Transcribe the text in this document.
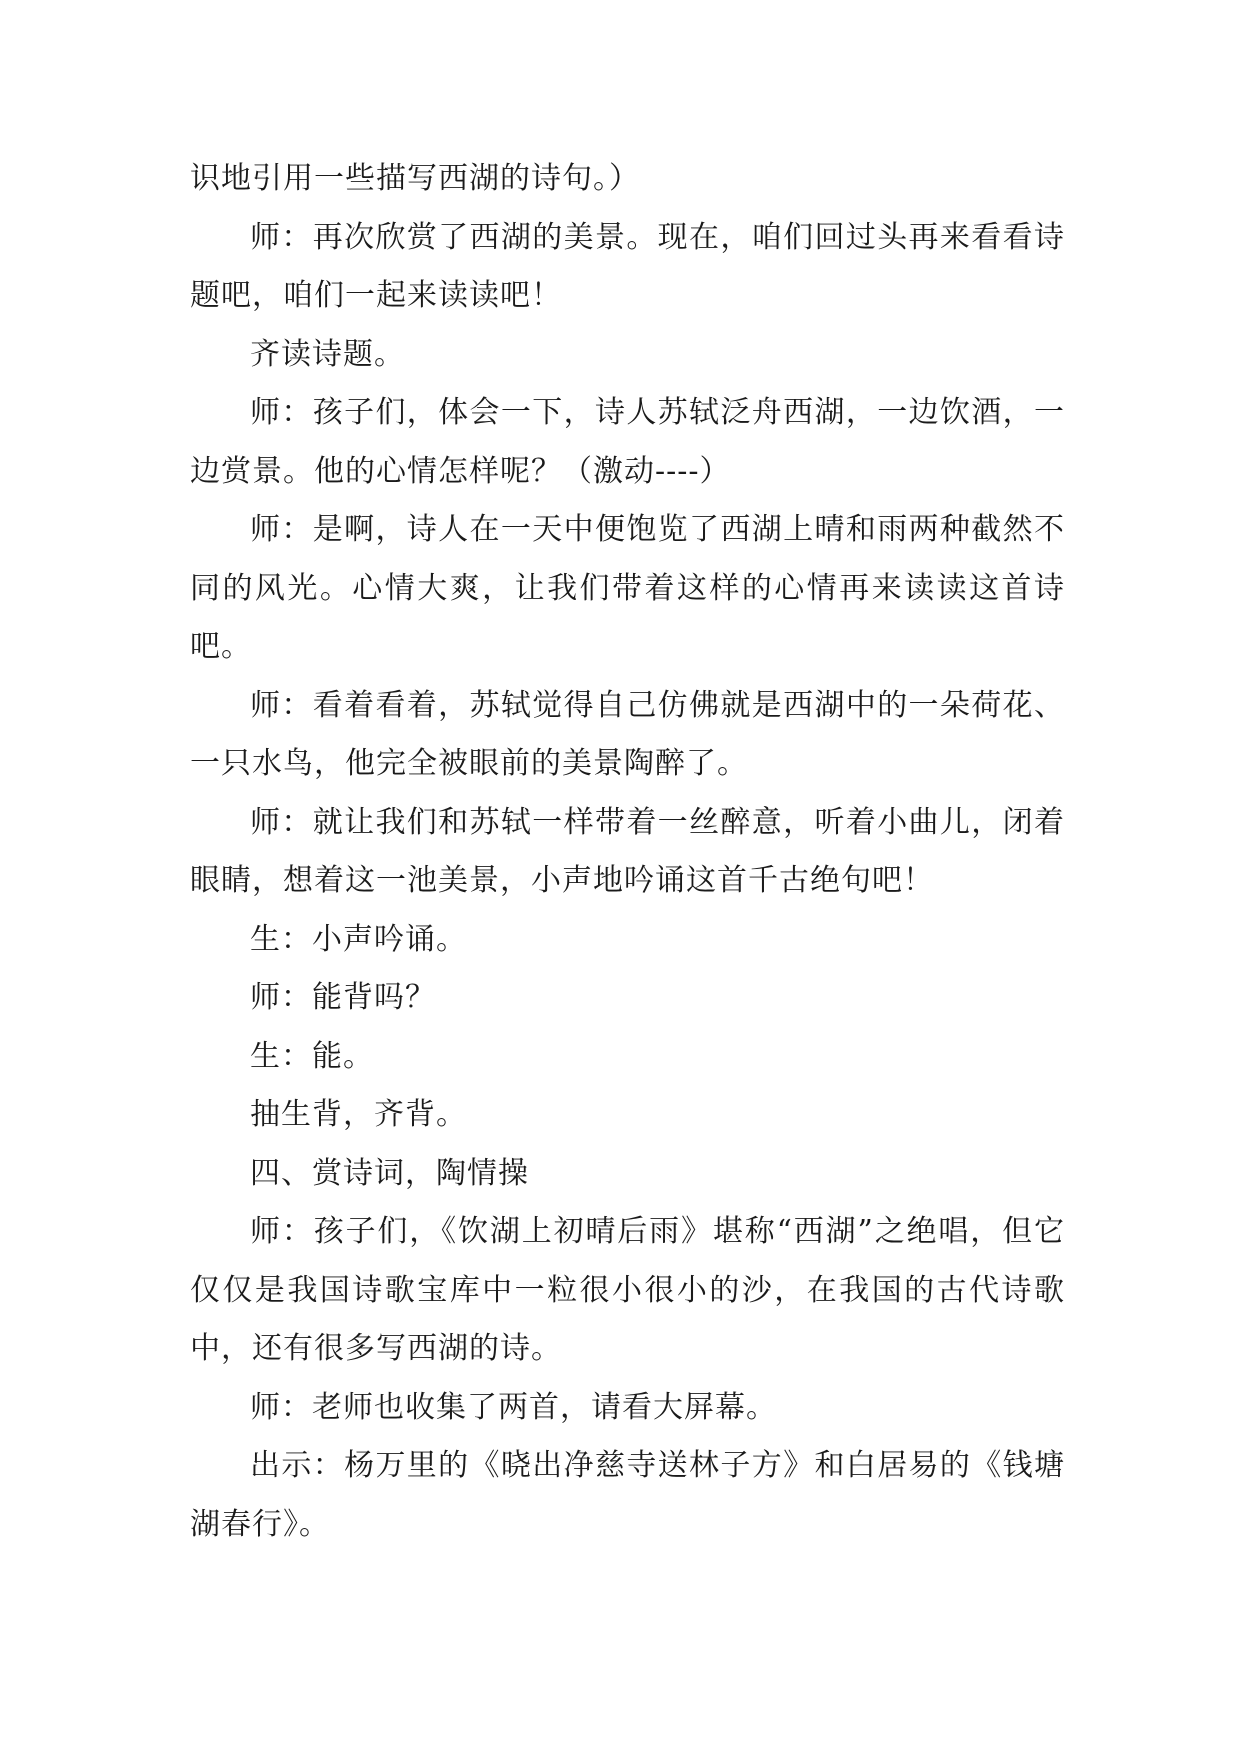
识地引用一些描写西湖的诗句。）

师：再次欣赏了西湖的美景。现在，咱们回过头再来看看诗题吧，咱们一起来读读吧！

齐读诗题。

师：孩子们，体会一下，诗人苏轼泛舟西湖，一边饮酒，一边赏景。他的心情怎样呢？（激动----）

师：是啊，诗人在一天中便饱览了西湖上晴和雨两种截然不同的风光。心情大爽，让我们带着这样的心情再来读读这首诗吧。

师：看着看着，苏轼觉得自己仿佛就是西湖中的一朵荷花、一只水鸟，他完全被眼前的美景陶醉了。

师：就让我们和苏轼一样带着一丝醉意，听着小曲儿，闭着眼睛，想着这一池美景，小声地吟诵这首千古绝句吧！

生：小声吟诵。

师：能背吗？

生：能。

抽生背，齐背。

四、赏诗词，陶情操

师：孩子们，《饮湖上初晴后雨》堪称“西湖”之绝唱，但它仅仅是我国诗歌宝库中一粒很小很小的沙，在我国的古代诗歌中，还有很多写西湖的诗。

师：老师也收集了两首，请看大屏幕。

出示：杨万里的《晓出净慈寺送林子方》和白居易的《钱塘湖春行》。
